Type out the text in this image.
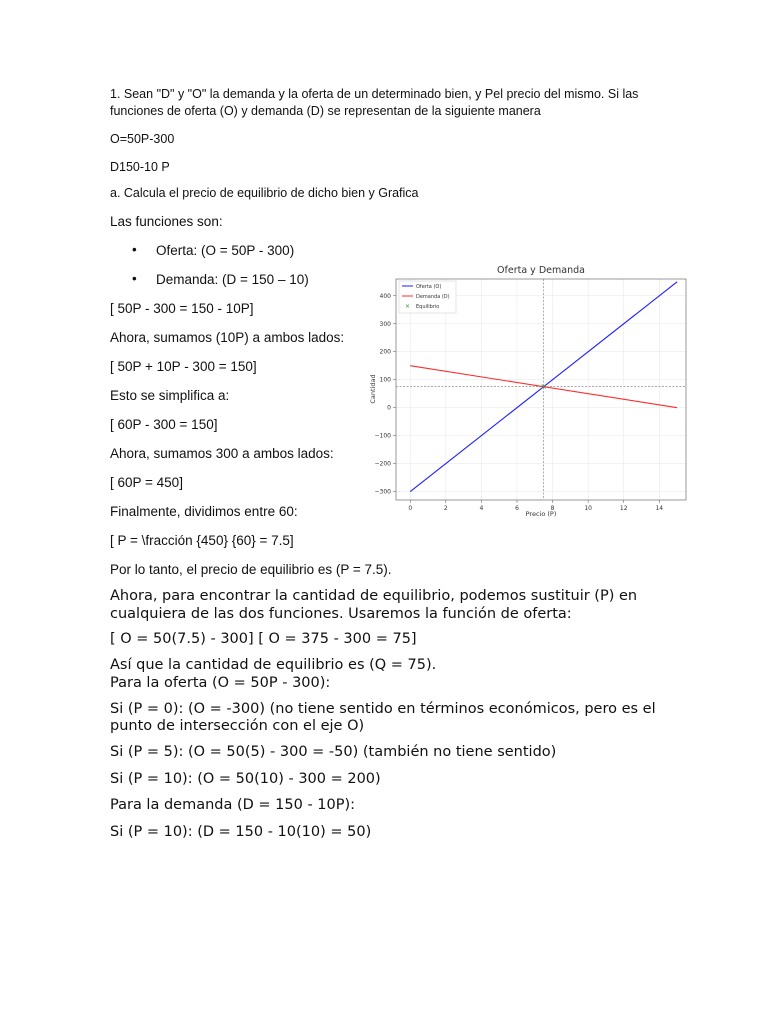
1. Sean "D" y "O" la demanda y la oferta de un determinado bien, y Pel precio del mismo. Si las
funciones de oferta (O) y demanda (D) se representan de la siguiente manera
O=50P-300
D150-10 P
a. Calcula el precio de equilibrio de dicho bien y Grafica
Las funciones son:
• Oferta: (O = 50P - 300)
• Demanda: (D = 150 – 10)
[ 50P - 300 = 150 - 10P]
Ahora, sumamos (10P) a ambos lados:
[ 50P + 10P - 300 = 150]
Esto se simplifica a:
[ 60P - 300 = 150]
Ahora, sumamos 300 a ambos lados:
[ 60P = 450]
Finalmente, dividimos entre 60:
[ P = \fracción {450} {60} = 7.5]
Por lo tanto, el precio de equilibrio es (P = 7.5).
Ahora, para encontrar la cantidad de equilibrio, podemos sustituir (P) en
cualquiera de las dos funciones. Usaremos la función de oferta:
[ O = 50(7.5) - 300] [ O = 375 - 300 = 75]
Así que la cantidad de equilibrio es (Q = 75).
Para la oferta (O = 50P - 300):
Si (P = 0): (O = -300) (no tiene sentido en términos económicos, pero es el
punto de intersección con el eje O)
Si (P = 5): (O = 50(5) - 300 = -50) (también no tiene sentido)
Si (P = 10): (O = 50(10) - 300 = 200)
Para la demanda (D = 150 - 10P):
Si (P = 10): (D = 150 - 10(10) = 50)
Oferta y Demanda
0	2	4	6	8	10	12	14
−300
−200
−100
0
100
200
300
400
×
Precio (P)
Cantidad
Oferta (O)
Demanda (D)
× Equilibrio
